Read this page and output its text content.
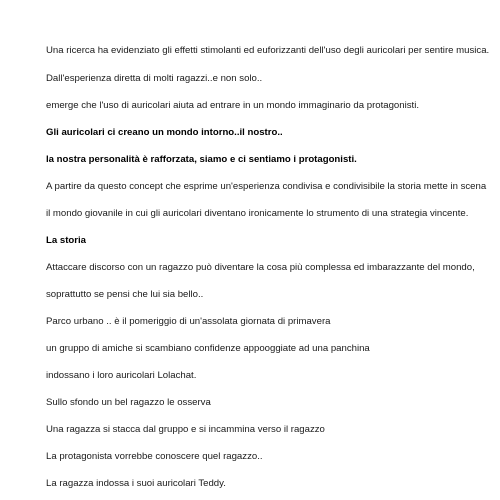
Una ricerca ha evidenziato gli effetti stimolanti ed euforizzanti dell'uso degli auricolari per sentire musica.
Dall'esperienza diretta di molti ragazzi..e non solo..
emerge che l'uso di auricolari aiuta ad entrare in un mondo immaginario da protagonisti.
Gli auricolari ci creano un mondo intorno..il nostro..
la nostra personalità è rafforzata, siamo e ci sentiamo i protagonisti.
A partire da questo concept che esprime un'esperienza condivisa e condivisibile la storia mette in scena
il mondo giovanile in cui gli auricolari diventano ironicamente lo strumento di una strategia vincente.
La storia
Attaccare discorso con un ragazzo può diventare la cosa più complessa ed imbarazzante del mondo,
soprattutto se pensi che lui sia bello..
Parco urbano .. è il pomeriggio di un'assolata giornata di primavera
un gruppo di amiche si scambiano confidenze appooggiate ad una panchina
indossano i loro auricolari Lolachat.
Sullo sfondo un bel ragazzo le osserva
Una ragazza si stacca dal gruppo e si incammina verso il ragazzo
La protagonista vorrebbe conoscere quel ragazzo..
La ragazza indossa i suoi auricolari Teddy.
